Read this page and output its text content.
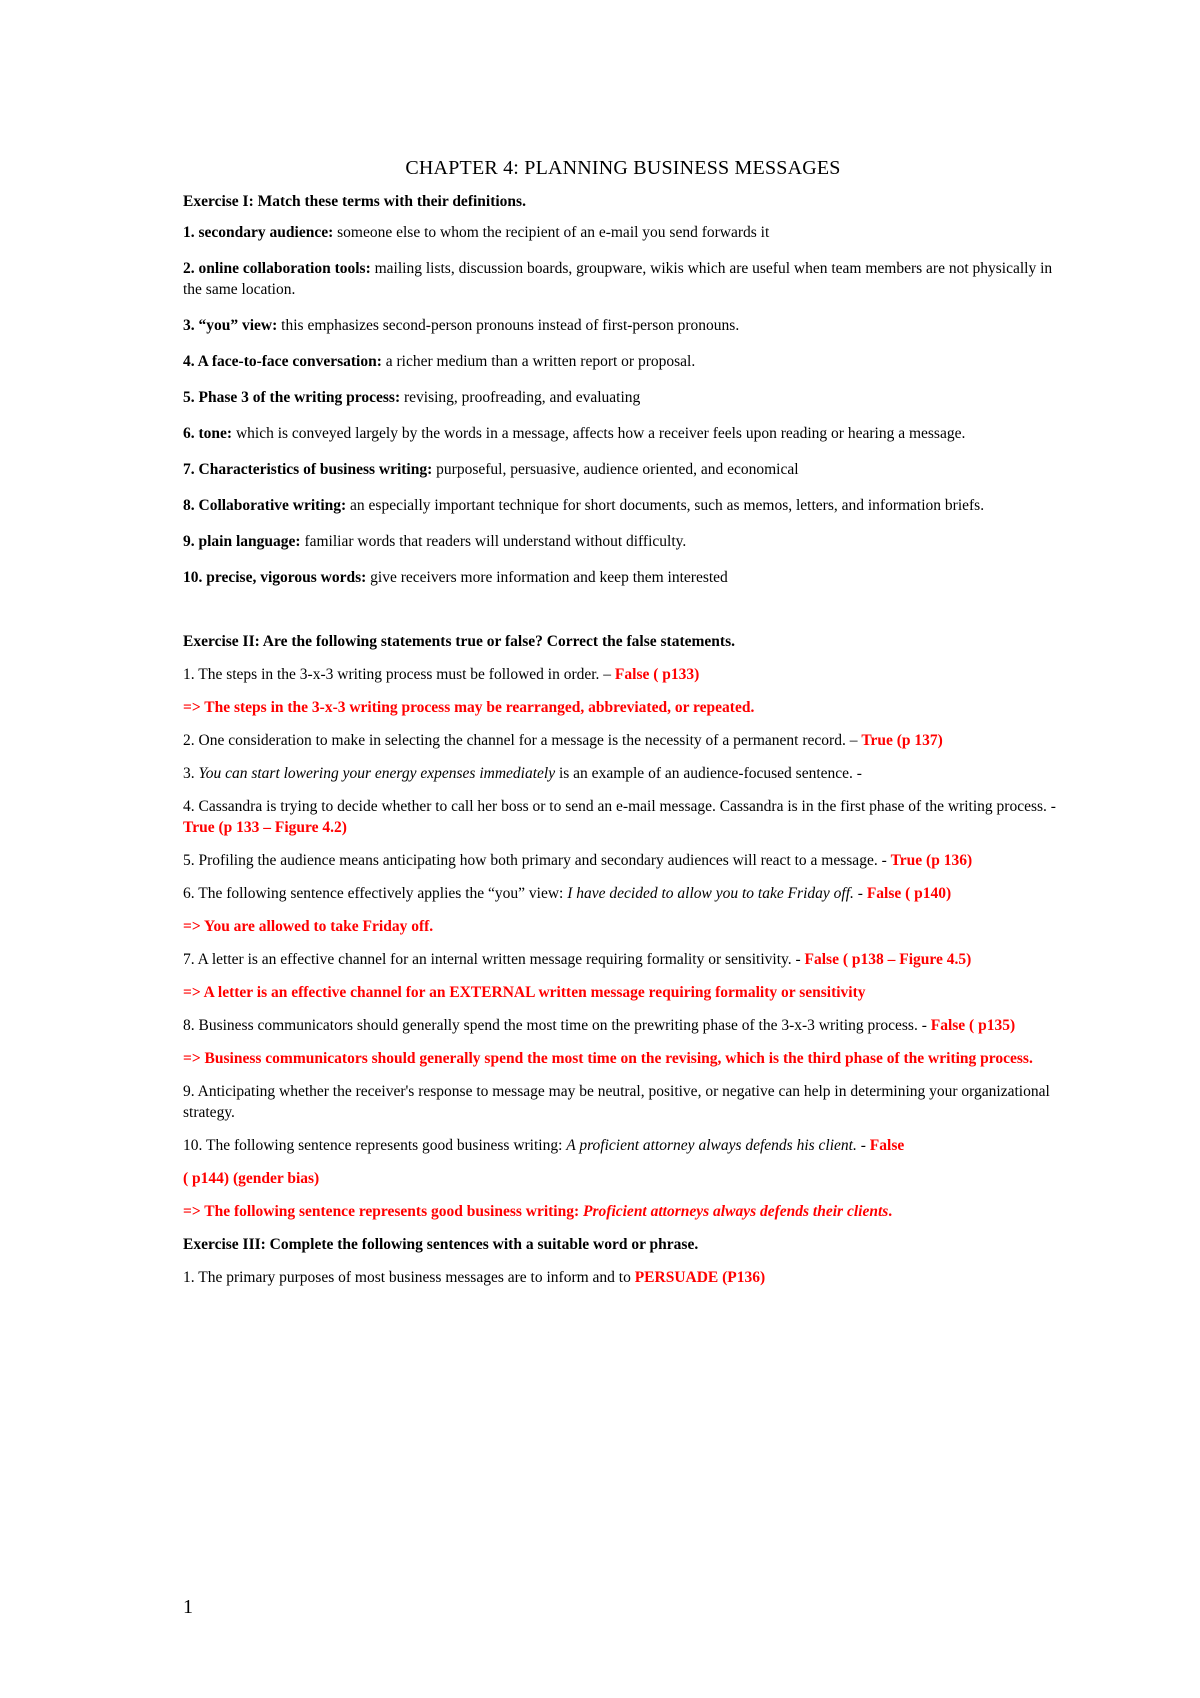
CHAPTER 4: PLANNING BUSINESS MESSAGES

Exercise I: Match these terms with their definitions.

1. secondary audience: someone else to whom the recipient of an e-mail you send forwards it

2. online collaboration tools: mailing lists, discussion boards, groupware, wikis which are useful when team members are not physically in the same location.

3. “you” view: this emphasizes second-person pronouns instead of first-person pronouns.

4. A face-to-face conversation: a richer medium than a written report or proposal.

5. Phase 3 of the writing process: revising, proofreading, and evaluating

6. tone: which is conveyed largely by the words in a message, affects how a receiver feels upon reading or hearing a message.

7. Characteristics of business writing: purposeful, persuasive, audience oriented, and economical

8. Collaborative writing: an especially important technique for short documents, such as memos, letters, and information briefs.

9. plain language: familiar words that readers will understand without difficulty.

10. precise, vigorous words: give receivers more information and keep them interested

Exercise II: Are the following statements true or false? Correct the false statements.

1. The steps in the 3-x-3 writing process must be followed in order. – False ( p133)

=> The steps in the 3-x-3 writing process may be rearranged, abbreviated, or repeated.

2. One consideration to make in selecting the channel for a message is the necessity of a permanent record. – True (p 137)

3. You can start lowering your energy expenses immediately is an example of an audience-focused sentence. -

4. Cassandra is trying to decide whether to call her boss or to send an e-mail message. Cassandra is in the first phase of the writing process. - True (p 133 – Figure 4.2)

5. Profiling the audience means anticipating how both primary and secondary audiences will react to a message. - True (p 136)

6. The following sentence effectively applies the “you” view: I have decided to allow you to take Friday off. - False ( p140)

=> You are allowed to take Friday off.

7. A letter is an effective channel for an internal written message requiring formality or sensitivity. - False ( p138 – Figure 4.5)

=> A letter is an effective channel for an EXTERNAL written message requiring formality or sensitivity

8. Business communicators should generally spend the most time on the prewriting phase of the 3-x-3 writing process. - False ( p135)

=> Business communicators should generally spend the most time on the revising, which is the third phase of the writing process.

9. Anticipating whether the receiver's response to message may be neutral, positive, or negative can help in determining your organizational strategy.

10. The following sentence represents good business writing: A proficient attorney always defends his client. - False

( p144) (gender bias)

=> The following sentence represents good business writing: Proficient attorneys always defends their clients.

Exercise III: Complete the following sentences with a suitable word or phrase.

1. The primary purposes of most business messages are to inform and to PERSUADE (P136)

1
